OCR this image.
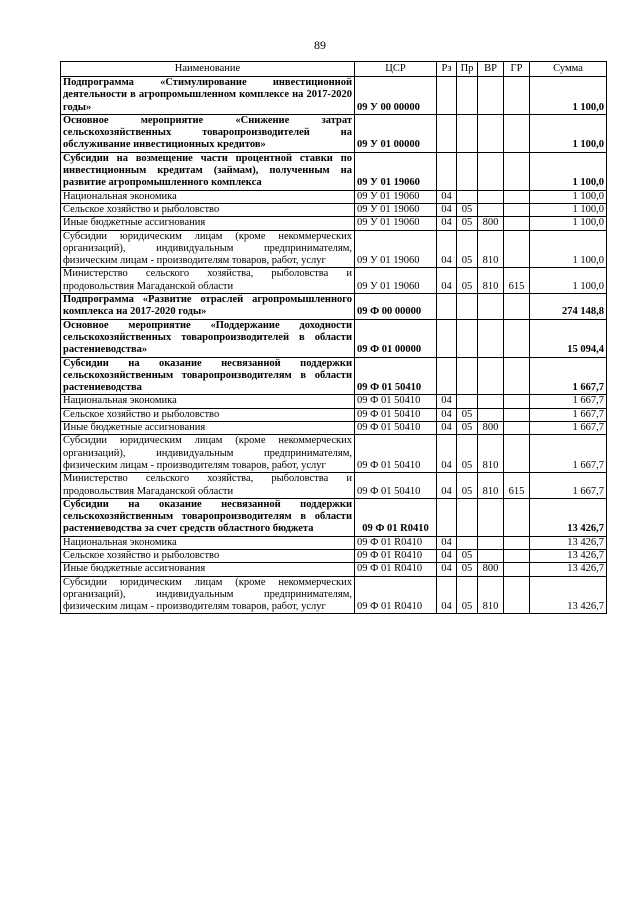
89
Наименование	ЦСР	Рз	Пр	ВР	ГР	Сумма
Подпрограмма «Стимулирование инвестиционной деятельности в агропромышленном комплексе на 2017-2020 годы»	09 У 00 00000					1 100,0
Основное мероприятие «Снижение затрат сельскохозяйственных товаропроизводителей на обслуживание инвестиционных кредитов»	09 У 01 00000					1 100,0
Субсидии на возмещение части процентной ставки по инвестиционным кредитам (займам), полученным на развитие агропромышленного комплекса	09 У 01 19060					1 100,0
Национальная экономика	09 У 01 19060	04				1 100,0
Сельское хозяйство и рыболовство	09 У 01 19060	04	05			1 100,0
Иные бюджетные ассигнования	09 У 01 19060	04	05	800		1 100,0
Субсидии юридическим лицам (кроме некоммерческих организаций), индивидуальным предпринимателям, физическим лицам - производителям товаров, работ, услуг	09 У 01 19060	04	05	810		1 100,0
Министерство сельского хозяйства, рыболовства и продовольствия Магаданской области	09 У 01 19060	04	05	810	615	1 100,0
Подпрограмма «Развитие отраслей агропромышленного комплекса на 2017-2020 годы»	09 Ф 00 00000					274 148,8
Основное мероприятие «Поддержание доходности сельскохозяйственных товаропроизводителей в области растениеводства»	09 Ф 01 00000					15 094,4
Субсидии на оказание несвязанной поддержки сельскохозяйственным товаропроизводителям в области растениеводства	09 Ф 01 50410					1 667,7
Национальная экономика	09 Ф 01 50410	04				1 667,7
Сельское хозяйство и рыболовство	09 Ф 01 50410	04	05			1 667,7
Иные бюджетные ассигнования	09 Ф 01 50410	04	05	800		1 667,7
Субсидии юридическим лицам (кроме некоммерческих организаций), индивидуальным предпринимателям, физическим лицам - производителям товаров, работ, услуг	09 Ф 01 50410	04	05	810		1 667,7
Министерство сельского хозяйства, рыболовства и продовольствия Магаданской области	09 Ф 01 50410	04	05	810	615	1 667,7
Субсидии на оказание несвязанной поддержки сельскохозяйственным товаропроизводителям в области растениеводства за счет средств областного бюджета	09 Ф 01 R0410					13 426,7
Национальная экономика	09 Ф 01 R0410	04				13 426,7
Сельское хозяйство и рыболовство	09 Ф 01 R0410	04	05			13 426,7
Иные бюджетные ассигнования	09 Ф 01 R0410	04	05	800		13 426,7
Субсидии юридическим лицам (кроме некоммерческих организаций), индивидуальным предпринимателям, физическим лицам - производителям товаров, работ, услуг	09 Ф 01 R0410	04	05	810		13 426,7
